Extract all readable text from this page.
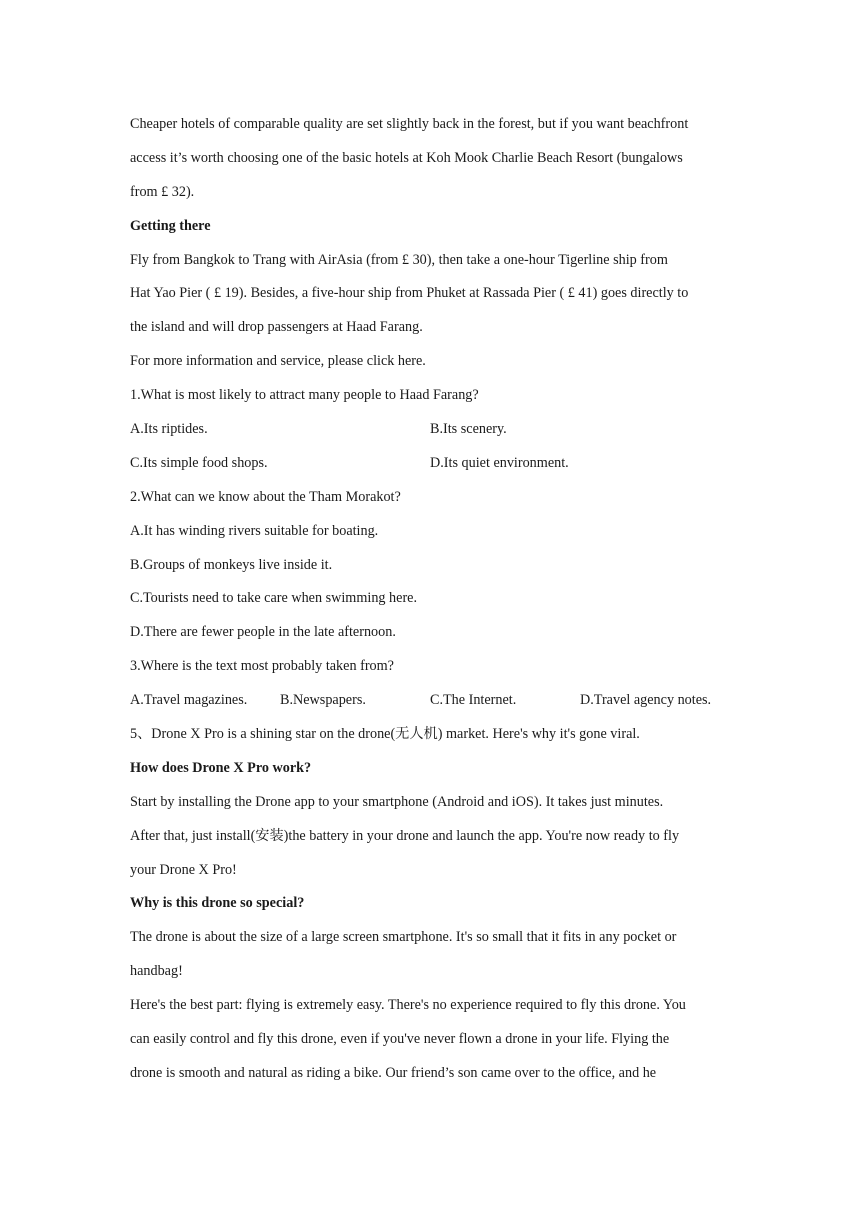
Cheaper hotels of comparable quality are set slightly back in the forest, but if you want beachfront
access it’s worth choosing one of the basic hotels at Koh Mook Charlie Beach Resort (bungalows
from £ 32).
Getting there
Fly from Bangkok to Trang with AirAsia (from £ 30), then take a one-hour Tigerline ship from
Hat Yao Pier ( £ 19). Besides, a five-hour ship from Phuket at Rassada Pier ( £ 41) goes directly to
the island and will drop passengers at Haad Farang.
For more information and service, please click here.
1.What is most likely to attract many people to Haad Farang?
A.Its riptides.	B.Its scenery.
C.Its simple food shops.	D.Its quiet environment.
2.What can we know about the Tham Morakot?
A.It has winding rivers suitable for boating.
B.Groups of monkeys live inside it.
C.Tourists need to take care when swimming here.
D.There are fewer people in the late afternoon.
3.Where is the text most probably taken from?
A.Travel magazines. B.Newspapers.	C.The Internet.	D.Travel agency notes.
5、Drone X Pro is a shining star on the drone(无人机) market. Here's why it's gone viral.
How does Drone X Pro work?
Start by installing the Drone app to your smartphone (Android and iOS). It takes just minutes.
After that, just install(安装)the battery in your drone and launch the app. You're now ready to fly
your Drone X Pro!
Why is this drone so special?
The drone is about the size of a large screen smartphone. It's so small that it fits in any pocket or
handbag!
Here's the best part: flying is extremely easy. There's no experience required to fly this drone. You
can easily control and fly this drone, even if you've never flown a drone in your life. Flying the
drone is smooth and natural as riding a bike. Our friend’s son came over to the office, and he
